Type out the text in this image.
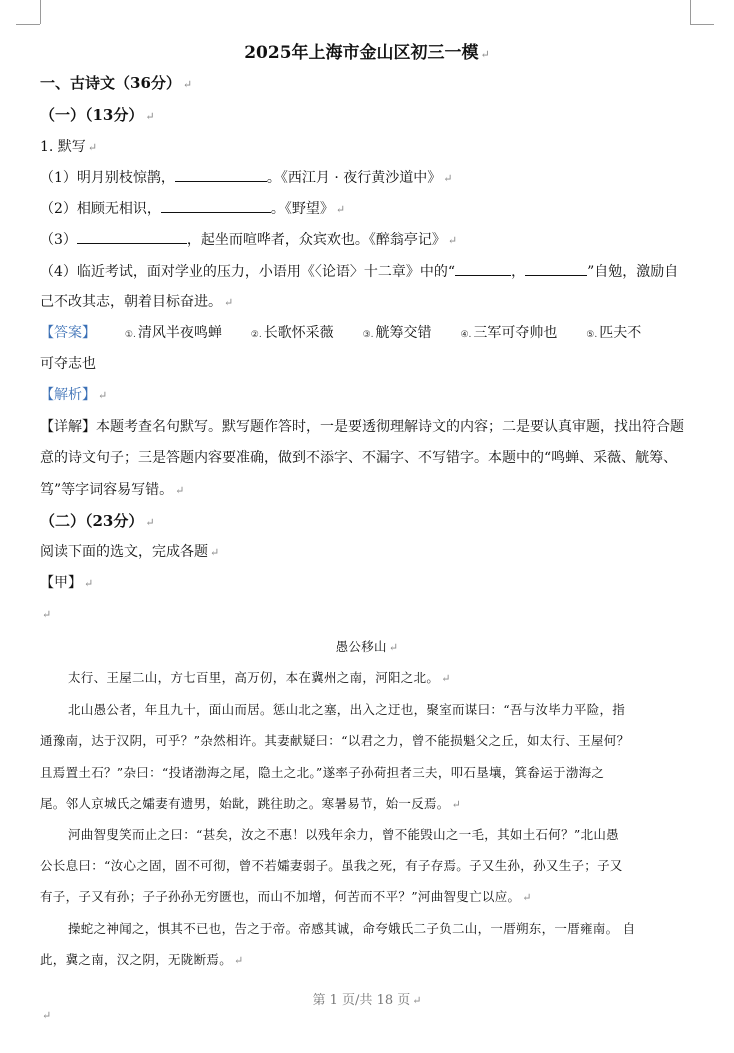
2025年上海市金山区初三一模 ↵
一、古诗文（36分） ↵
（一）（13分） ↵
1. 默写 ↵
（1）明月别枝惊鹊，	。《西江月 · 夜行黄沙道中》 ↵
（2）相顾无相识，	。《野望》 ↵
（3）	，起坐而喧哗者，众宾欢也。《醉翁亭记》 ↵
（4）临近考试，面对学业的压力，小语用《〈论语〉十二章》中的“	，	”自勉，激励自
己不改其志，朝着目标奋进。 ↵
【答案】	①. 清风半夜鸣蝉	②. 长歌怀采薇	③. 觥筹交错	④. 三军可夺帅也	⑤. 匹夫不
可夺志也
【解析】 ↵
【详解】本题考查名句默写。默写题作答时，一是要透彻理解诗文的内容；二是要认真审题，找出符合题
意的诗文句子；三是答题内容要准确，做到不添字、不漏字、不写错字。本题中的“鸣蝉、采薇、觥筹、
笃”等字词容易写错。 ↵
（二）（23分） ↵
阅读下面的选文，完成各题 ↵
【甲】 ↵
↵
愚公移山 ↵
太行、王屋二山，方七百里，高万仞，本在冀州之南，河阳之北。 ↵
北山愚公者，年且九十，面山而居。惩山北之塞，出入之迂也，聚室而谋曰：“吾与汝毕力平险，指
通豫南，达于汉阴，可乎？”杂然相许。其妻献疑曰：“以君之力，曾不能损魁父之丘，如太行、王屋何？
且焉置土石？”杂曰：“投诸渤海之尾，隐土之北。”遂率子孙荷担者三夫，叩石垦壤，箕畚运于渤海之
尾。邻人京城氏之孀妻有遗男，始龀，跳往助之。寒暑易节，始一反焉。 ↵
河曲智叟笑而止之曰：“甚矣，汝之不惠！以残年余力，曾不能毁山之一毛，其如土石何？”北山愚
公长息曰：“汝心之固，固不可彻，曾不若孀妻弱子。虽我之死，有子存焉。子又生孙，孙又生子；子又
有子，子又有孙；子子孙孙无穷匮也，而山不加增，何苦而不平？”河曲智叟亡以应。 ↵
操蛇之神闻之，惧其不已也，告之于帝。帝感其诚，命夸娥氏二子负二山，一厝朔东，一厝雍南。 自
此，冀之南，汉之阴，无陇断焉。 ↵
第 1 页/共 18 页 ↵
↵
